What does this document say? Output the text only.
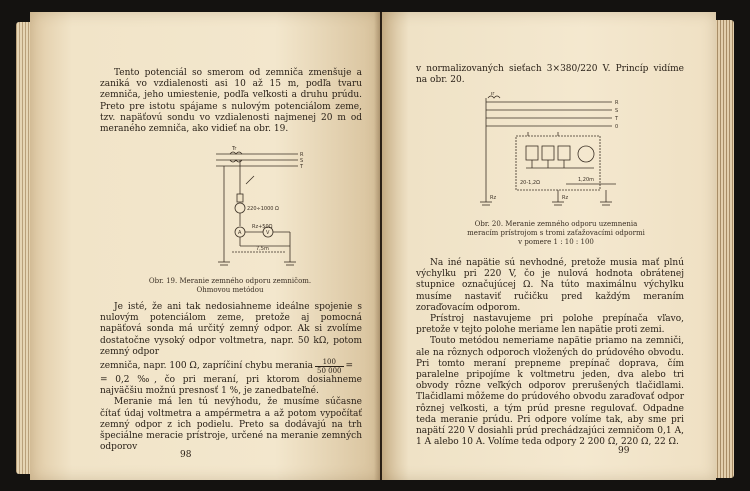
Tento potenciál so smerom od zemniča zmenšuje a zaniká vo vzdialenosti asi 10 až 15 m, podľa tvaru zemniča, jeho umiestenie, podľa veľkosti a druhu prúdu. Preto pre istotu spájame s nulovým potenciálom zeme, tzv. napäťovú sondu vo vzdialenosti najmenej 20 m od meraného zemniča, ako vidieť na obr. 19.

R
S
T
Tr
220÷1000 Ω
A
Rz+50Ω
V
7,5m
Obr. 19. Meranie zemného odporu zemničom.
Ohmovou metódou

Je isté, že ani tak nedosiahneme ideálne spojenie s nulovým potenciálom zeme, pretože aj pomocná napäťová sonda má určitý zemný odpor. Ak si zvolíme dostatočne vysoký odpor voltmetra, napr. 50 kΩ, potom zemný odpor

zemniča, napr. 100 Ω, zapríčiní chybu merania $\frac{100}{50 000}$ =

= 0,2 ‰, čo pri meraní, pri ktorom dosiahneme najväčšiu možnú presnosť 1 %, je zanedbateľné.

Meranie má len tú nevýhodu, že musíme súčasne čítať údaj voltmetra a ampérmetra a až potom vypočítať zemný odpor z ich podielu. Preto sa dodávajú na trh špeciálne meracie prístroje, určené na meranie zemných odporov

98

v normalizovaných sieťach 3×380/220 V. Princíp vidíme na obr. 20.

Tr
R
S
T
0
20-1,2Ω	1,20m
Rz	Rz
Obr. 20. Meranie zemného odporu uzemnenia
meracím prístrojom s tromi zaťažovacími odpormi
v pomere 1 : 10 : 100

Na iné napätie sú nevhodné, pretože musia mať plnú výchylku pri 220 V, čo je nulová hodnota obrátenej stupnice označujúcej Ω. Na túto maximálnu výchylku musíme nastaviť ručičku pred každým meraním zoraďovacím odporom.

Prístroj nastavujeme pri polohe prepínača vľavo, pretože v tejto polohe meriame len napätie proti zemi.

Touto metódou nemeriame napätie priamo na zemniči, ale na rôznych odporoch vložených do prúdového obvodu. Pri tomto meraní prepneme prepínač doprava, čím paralelne pripojíme k voltmetru jeden, dva alebo tri obvody rôzne veľkých odporov prerušených tlačidlami. Tlačidlami môžeme do prúdového obvodu zaraďovať odpor rôznej veľkosti, a tým prúd presne regulovať. Odpadne teda meranie prúdu. Pri odpore volíme tak, aby sme pri napätí 220 V dosiahli prúd prechádzajúci zemničom 0,1 A, 1 A alebo 10 A. Volíme teda odpory 2 200 Ω, 220 Ω, 22 Ω.

99
